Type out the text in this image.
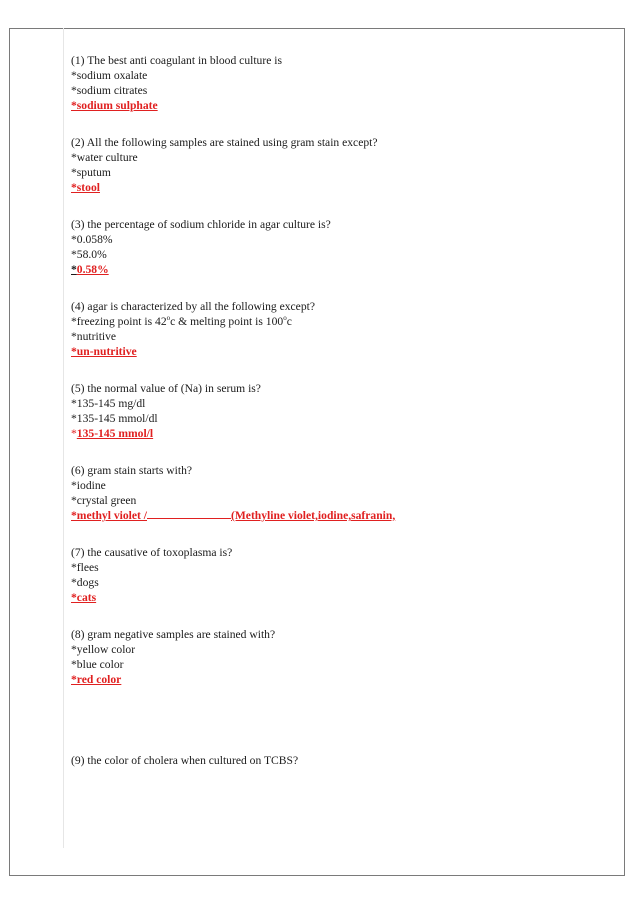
(1) The best anti coagulant in blood culture is
*sodium oxalate
*sodium citrates
*sodium sulphate
(2) All the following samples are stained using gram stain except?
*water culture
*sputum
*stool
(3) the percentage of sodium chloride in agar culture is?
*0.058%
*58.0%
*0.58%
(4) agar is characterized by all the following except?
*freezing point is 42$^o$c & melting point is 100$^o$c
*nutritive
*un-nutritive
(5) the normal value of (Na) in serum is?
*135-145 mg/dl
*135-145 mmol/dl
*135-145 mmol/l
(6) gram stain starts with?
*iodine
*crystal green
*methyl violet /	(Methyline violet,iodine,safranin,
(7) the causative of toxoplasma is?
*flees
*dogs
*cats
(8) gram negative samples are stained with?
*yellow color
*blue color
*red color
(9) the color of cholera when cultured on TCBS?
